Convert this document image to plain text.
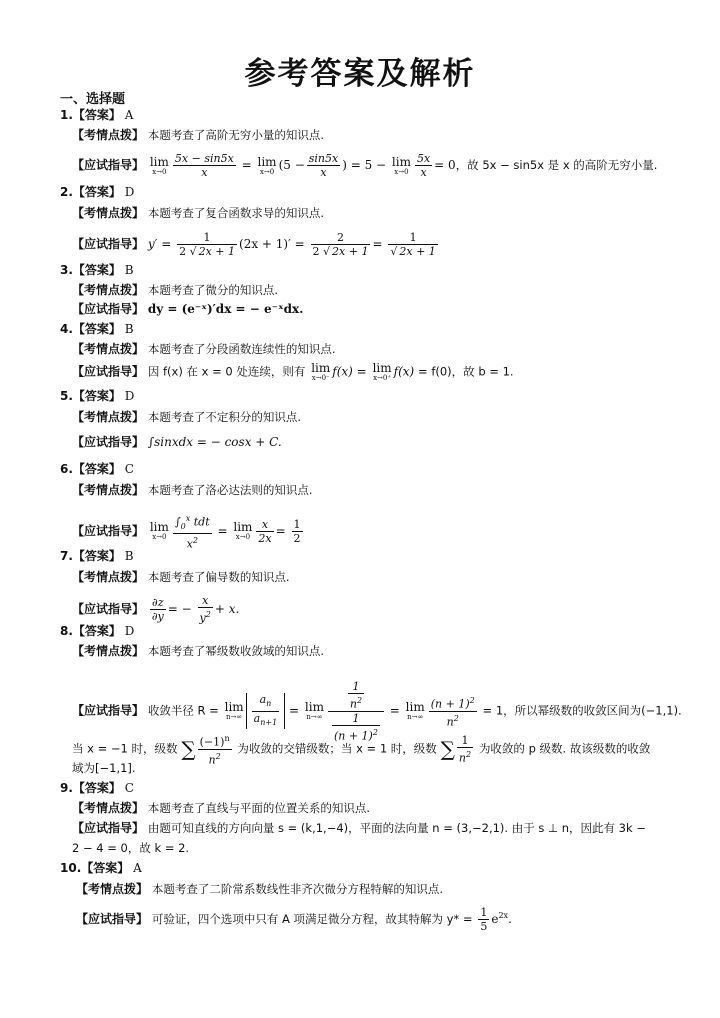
参考答案及解析
一、选择题
1.【答案】 A
【考情点拨】 本题考查了高阶无穷小量的知识点.
【应试指导】 lim
$x\to 0 \frac{5x - \sin 5x}{x} = \lim$
x→0 ($5 - \frac{\sin 5x}{x}$ ) = 5 − lim
$x\to 0 \frac{5x}{x} = 0$，故 5x − sin5x 是 x 的高阶无穷小量.
2.【答案】 D
【考情点拨】 本题考查了复合函数求导的知识点.
【应试指导】 $y' = \frac{1}{2 √ 2x + 1} (2x + 1)' = \frac{2}{2 √ 2x + 1} = \frac{1}{√ 2x + 1}$
3.【答案】 B
【考情点拨】 本题考查了微分的知识点.
【应试指导】 dy = (e⁻ˣ)′dx = − e⁻ˣdx.
4.【答案】 B
【考情点拨】 本题考查了分段函数连续性的知识点.
【应试指导】 因 f(x) 在 x = 0 处连续，则有 lim
x→0⁻ f(x) = lim
x→0⁺ f(x) = f(0)，故 b = 1.
5.【答案】 D
【考情点拨】 本题考查了不定积分的知识点.
【应试指导】 ∫sinxdx = − cosx + C.
6.【答案】 C
【考情点拨】 本题考查了洛必达法则的知识点.
【应试指导】 lim
$x\to 0 \frac{\int_0^x tdt}{x^2} = \lim$
$x\to 0 \frac{x}{2x} = \frac{1}{2}$
7.【答案】 B
【考情点拨】 本题考查了偏导数的知识点.
【应试指导】 $\frac{\partial z}{\partial y}$ = − $\frac{x}{y^2} + x$.
8.【答案】 D
【考情点拨】 本题考查了幂级数收敛域的知识点.
【应试指导】 收敛半径 R = lim
$n\to\infty \frac{a_n}{a_{n+1}} = \lim$
$n\to\infty \frac{\frac{1}{n^2}}{\frac{1}{(n + 1)^2}} = \lim$
$n\to\infty \frac{(n + 1)^2}{n^2} = 1$，所以幂级数的收敛区间为(−1,1).
当 x = −1 时，级数 ∑ $\frac{(-1)^n}{n^2}$ 为收敛的交错级数；当 x = 1 时，级数 ∑ $\frac{1}{n^2}$ 为收敛的 p 级数. 故该级数的收敛
域为[−1,1].
9.【答案】 C
【考情点拨】 本题考查了直线与平面的位置关系的知识点.
【应试指导】 由题可知直线的方向向量 s = (k,1,−4)，平面的法向量 n = (3,−2,1). 由于 s ⊥ n，因此有 3k −
2 − 4 = 0，故 k = 2.
10.【答案】 A
【考情点拨】 本题考查了二阶常系数线性非齐次微分方程特解的知识点.
【应试指导】 可验证，四个选项中只有 A 项满足微分方程，故其特解为 $y* = \frac{1}{5} e^{2x}$.
